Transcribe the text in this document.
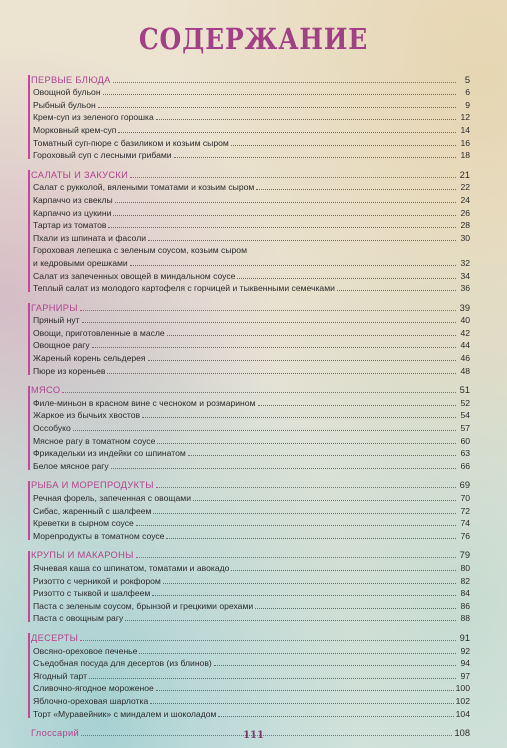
СОДЕРЖАНИЕ
ПЕРВЫЕ БЛЮДА	5
Овощной бульон	6
Рыбный бульон	9
Крем-суп из зеленого горошка	12
Морковный крем-суп	14
Томатный суп-пюре с базиликом и козьим сыром	16
Гороховый суп с лесными грибами	18
САЛАТЫ И ЗАКУСКИ	21
Салат с рукколой, вялеными томатами и козьим сыром	22
Карпаччо из свеклы	24
Карпаччо из цукини	26
Тартар из томатов	28
Пхали из шпината и фасоли	30
Гороховая лепешка с зеленым соусом, козьим сыром
и кедровыми орешками	32
Салат из запеченных овощей в миндальном соусе	34
Теплый салат из молодого картофеля с горчицей и тыквенными семечками	36
ГАРНИРЫ	39
Пряный нут	40
Овощи, приготовленные в масле	42
Овощное рагу	44
Жареный корень сельдерея	46
Пюре из кореньев	48
МЯСО	51
Филе-миньон в красном вине с чесноком и розмарином	52
Жаркое из бычьих хвостов	54
Оссобуко	57
Мясное рагу в томатном соусе	60
Фрикадельки из индейки со шпинатом	63
Белое мясное рагу	66
РЫБА И МОРЕПРОДУКТЫ	69
Речная форель, запеченная с овощами	70
Сибас, жаренный с шалфеем	72
Креветки в сырном соусе	74
Морепродукты в томатном соусе	76
КРУПЫ И МАКАРОНЫ	79
Ячневая каша со шпинатом, томатами и авокадо	80
Ризотто с черникой и рокфором	82
Ризотто с тыквой и шалфеем	84
Паста с зеленым соусом, брынзой и грецкими орехами	86
Паста с овощным рагу	88
ДЕСЕРТЫ	91
Овсяно-ореховое печенье	92
Съедобная посуда для десертов (из блинов)	94
Ягодный тарт	97
Сливочно-ягодное мороженое	100
Яблочно-ореховая шарлотка	102
Торт «Муравейник» с миндалем и шоколадом	104
Глоссарий	108
111
